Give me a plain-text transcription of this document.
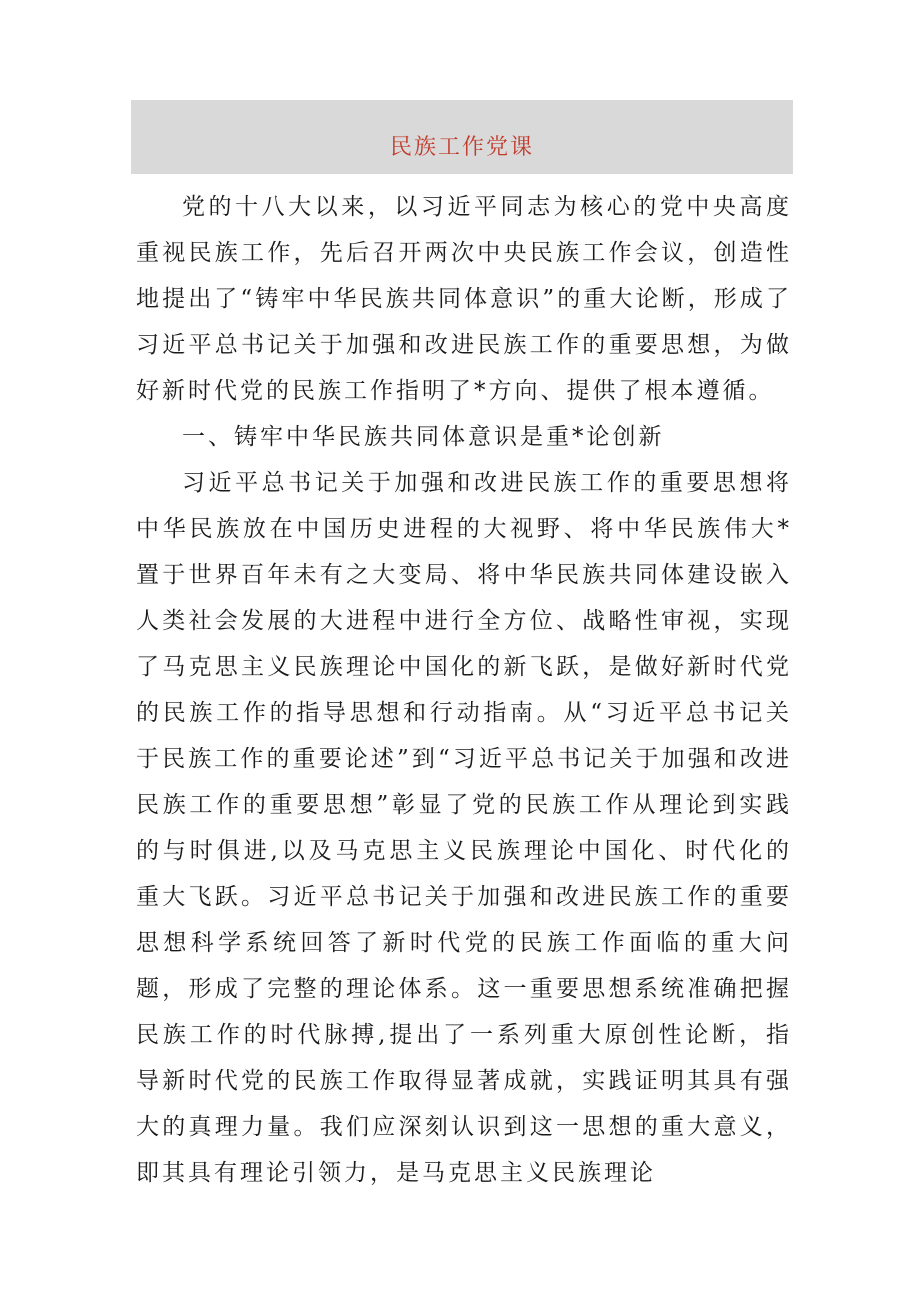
民族工作党课

党的十八大以来，以习近平同志为核心的党中央高度重视民族工作，先后召开两次中央民族工作会议，创造性地提出了“铸牢中华民族共同体意识”的重大论断，形成了习近平总书记关于加强和改进民族工作的重要思想，为做好新时代党的民族工作指明了*方向、提供了根本遵循。

一、铸牢中华民族共同体意识是重*论创新

习近平总书记关于加强和改进民族工作的重要思想将中华民族放在中国历史进程的大视野、将中华民族伟大*置于世界百年未有之大变局、将中华民族共同体建设嵌入人类社会发展的大进程中进行全方位、战略性审视，实现了马克思主义民族理论中国化的新飞跃，是做好新时代党的民族工作的指导思想和行动指南。从“习近平总书记关于民族工作的重要论述”到“习近平总书记关于加强和改进民族工作的重要思想”彰显了党的民族工作从理论到实践的与时俱进,以及马克思主义民族理论中国化、时代化的重大飞跃。习近平总书记关于加强和改进民族工作的重要思想科学系统回答了新时代党的民族工作面临的重大问题，形成了完整的理论体系。这一重要思想系统准确把握民族工作的时代脉搏,提出了一系列重大原创性论断，指导新时代党的民族工作取得显著成就，实践证明其具有强大的真理力量。我们应深刻认识到这一思想的重大意义，即其具有理论引领力，是马克思主义民族理论
